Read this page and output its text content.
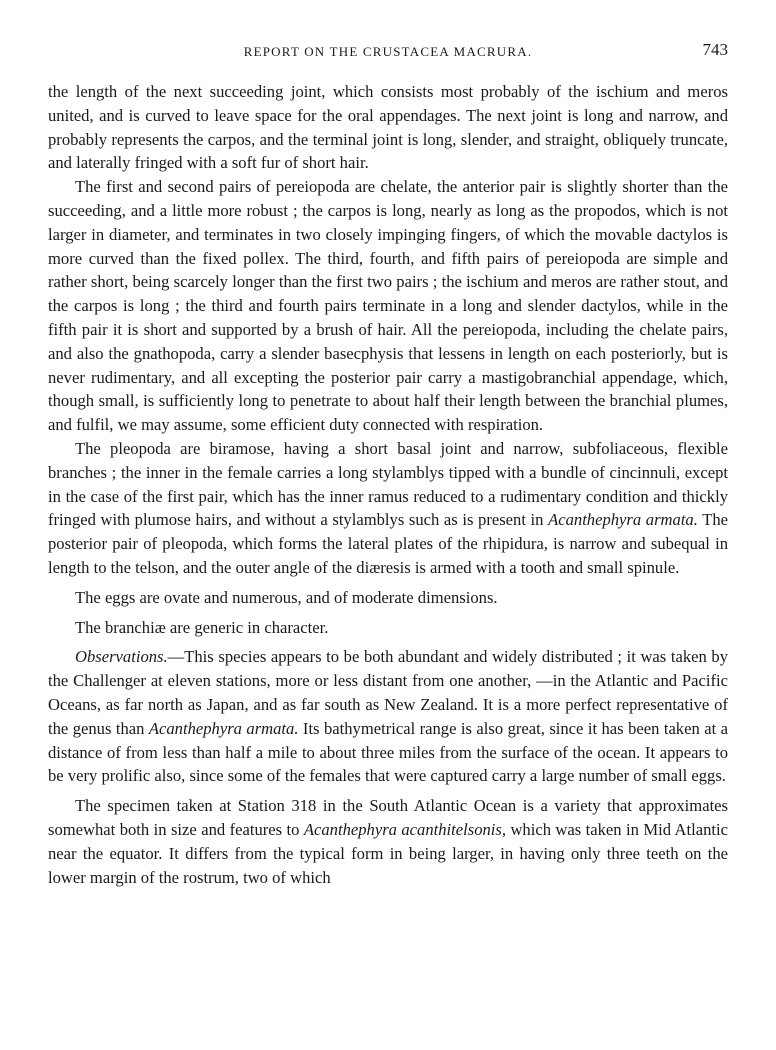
REPORT ON THE CRUSTACEA MACRURA.	743

the length of the next succeeding joint, which consists most probably of the ischium and meros united, and is curved to leave space for the oral appendages. The next joint is long and narrow, and probably represents the carpos, and the terminal joint is long, slender, and straight, obliquely truncate, and laterally fringed with a soft fur of short hair.

The first and second pairs of pereiopoda are chelate, the anterior pair is slightly shorter than the succeeding, and a little more robust ; the carpos is long, nearly as long as the propodos, which is not larger in diameter, and terminates in two closely impinging fingers, of which the movable dactylos is more curved than the fixed pollex. The third, fourth, and fifth pairs of pereiopoda are simple and rather short, being scarcely longer than the first two pairs ; the ischium and meros are rather stout, and the carpos is long ; the third and fourth pairs terminate in a long and slender dactylos, while in the fifth pair it is short and supported by a brush of hair. All the pereiopoda, including the chelate pairs, and also the gnathopoda, carry a slender basecphysis that lessens in length on each posteriorly, but is never rudimentary, and all excepting the posterior pair carry a mastigobranchial appendage, which, though small, is sufficiently long to penetrate to about half their length between the branchial plumes, and fulfil, we may assume, some efficient duty connected with respiration.

The pleopoda are biramose, having a short basal joint and narrow, subfoliaceous, flexible branches ; the inner in the female carries a long stylamblys tipped with a bundle of cincinnuli, except in the case of the first pair, which has the inner ramus reduced to a rudimentary condition and thickly fringed with plumose hairs, and without a stylamblys such as is present in Acanthephyra armata. The posterior pair of pleopoda, which forms the lateral plates of the rhipidura, is narrow and subequal in length to the telson, and the outer angle of the diæresis is armed with a tooth and small spinule.

The eggs are ovate and numerous, and of moderate dimensions.

The branchiæ are generic in character.

Observations.—This species appears to be both abundant and widely distributed ; it was taken by the Challenger at eleven stations, more or less distant from one another, —in the Atlantic and Pacific Oceans, as far north as Japan, and as far south as New Zealand. It is a more perfect representative of the genus than Acanthephyra armata. Its bathymetrical range is also great, since it has been taken at a distance of from less than half a mile to about three miles from the surface of the ocean. It appears to be very prolific also, since some of the females that were captured carry a large number of small eggs.

The specimen taken at Station 318 in the South Atlantic Ocean is a variety that approximates somewhat both in size and features to Acanthephyra acanthitelsonis, which was taken in Mid Atlantic near the equator. It differs from the typical form in being larger, in having only three teeth on the lower margin of the rostrum, two of which
